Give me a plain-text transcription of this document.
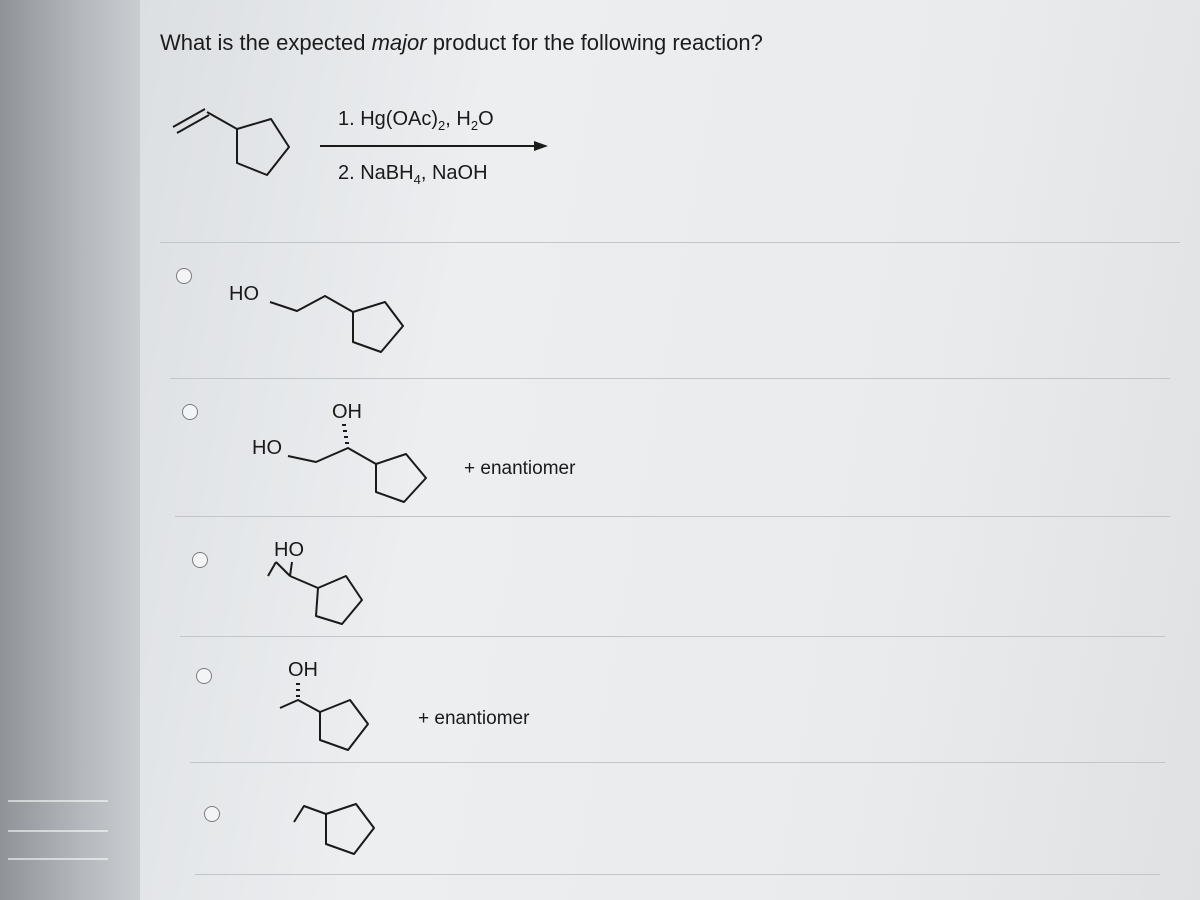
What is the expected major product for the following reaction?

1. $Hg(OAc)_2$, $H_2O$
2. NaBH$_4$, NaOH
HO
OH
HO
+ enantiomer
HO
OH
+ enantiomer
